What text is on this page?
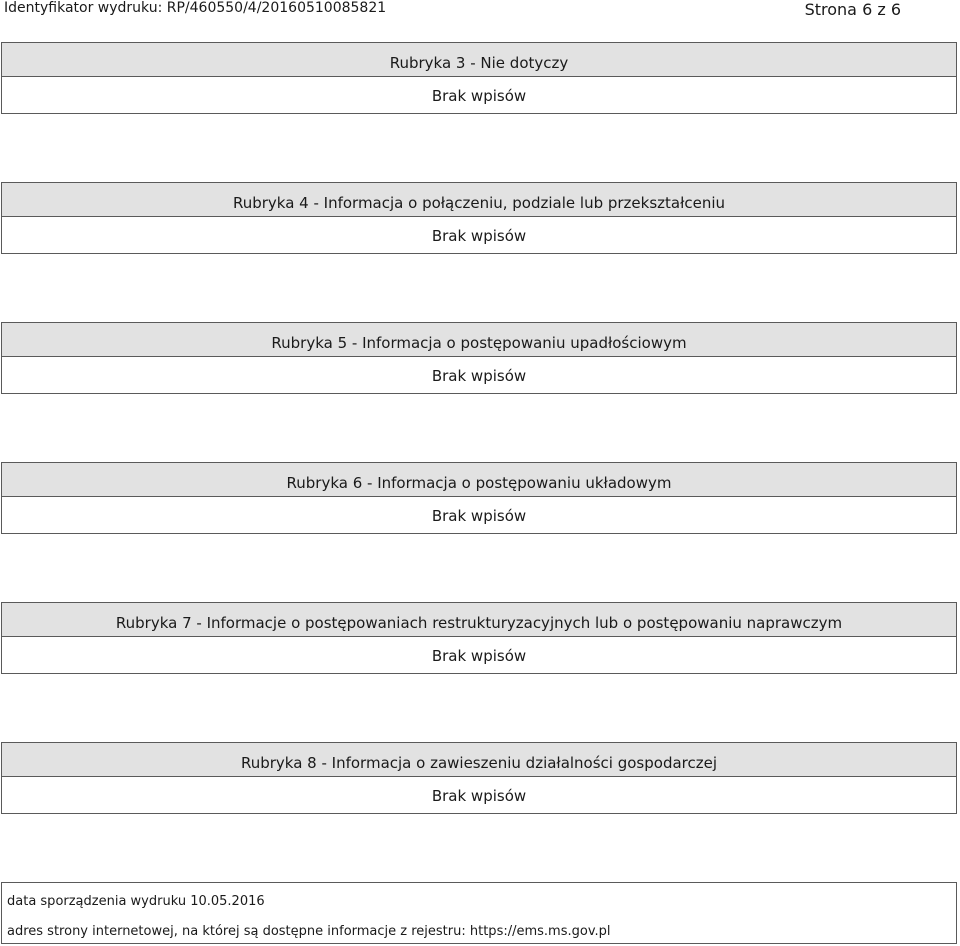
Identyfikator wydruku: RP/460550/4/20160510085821	Strona 6 z 6
Rubryka 3 - Nie dotyczy
Brak wpisów
Rubryka 4 - Informacja o połączeniu, podziale lub przekształceniu
Brak wpisów
Rubryka 5 - Informacja o postępowaniu upadłościowym
Brak wpisów
Rubryka 6 - Informacja o postępowaniu układowym
Brak wpisów
Rubryka 7 - Informacje o postępowaniach restrukturyzacyjnych lub o postępowaniu naprawczym
Brak wpisów
Rubryka 8 - Informacja o zawieszeniu działalności gospodarczej
Brak wpisów
data sporządzenia wydruku 10.05.2016
adres strony internetowej, na której są dostępne informacje z rejestru: https://ems.ms.gov.pl
